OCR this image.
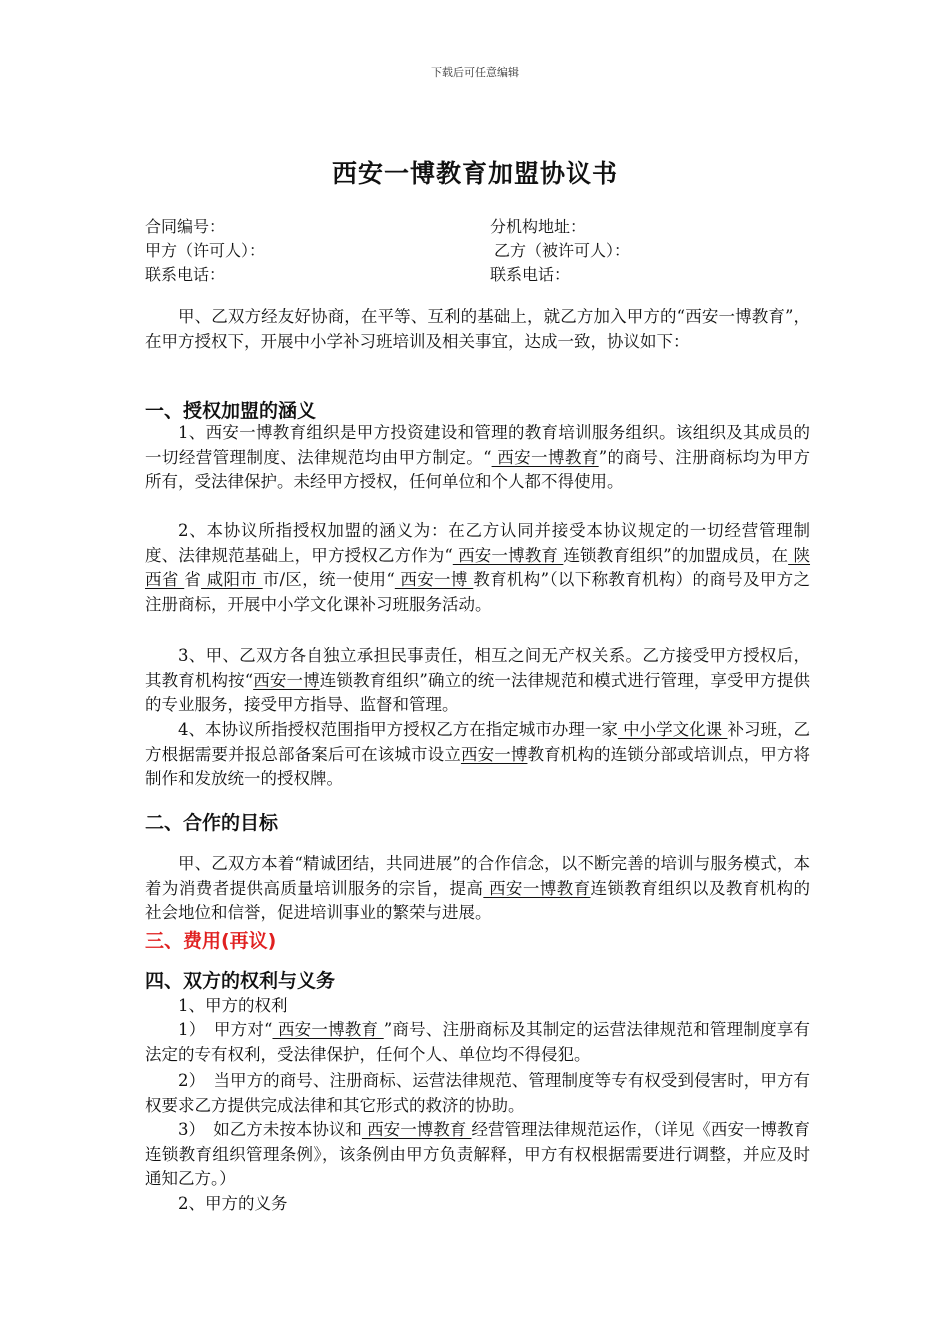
下载后可任意编辑
西安一博教育加盟协议书
合同编号：	分机构地址：
甲方（许可人）：	乙方（被许可人）：
联系电话：	联系电话：
甲、乙双方经友好协商，在平等、互利的基础上，就乙方加入甲方的“西安一博教育”，在甲方授权下，开展中小学补习班培训及相关事宜，达成一致，协议如下：
一、授权加盟的涵义
1、西安一博教育组织是甲方投资建设和管理的教育培训服务组织。该组织及其成员的一切经营管理制度、法律规范均由甲方制定。“ 西安一博教育”的商号、注册商标均为甲方所有，受法律保护。未经甲方授权，任何单位和个人都不得使用。
2、本协议所指授权加盟的涵义为：在乙方认同并接受本协议规定的一切经营管理制度、法律规范基础上，甲方授权乙方作为“ 西安一博教育 连锁教育组织”的加盟成员，在 陕西省 省 咸阳市 市/区，统一使用“ 西安一博 教育机构”（以下称教育机构）的商号及甲方之注册商标，开展中小学文化课补习班服务活动。
3、甲、乙双方各自独立承担民事责任，相互之间无产权关系。乙方接受甲方授权后，其教育机构按“西安一博连锁教育组织”确立的统一法律规范和模式进行管理，享受甲方提供的专业服务，接受甲方指导、监督和管理。
4、本协议所指授权范围指甲方授权乙方在指定城市办理一家 中小学文化课 补习班，乙方根据需要并报总部备案后可在该城市设立西安一博教育机构的连锁分部或培训点，甲方将制作和发放统一的授权牌。
二、合作的目标
甲、乙双方本着“精诚团结，共同进展”的合作信念，以不断完善的培训与服务模式，本着为消费者提供高质量培训服务的宗旨，提高 西安一博教育连锁教育组织以及教育机构的社会地位和信誉，促进培训事业的繁荣与进展。
三、费用(再议)
四、双方的权利与义务
1、甲方的权利
1）　甲方对“ 西安一博教育 ”商号、注册商标及其制定的运营法律规范和管理制度享有法定的专有权利，受法律保护，任何个人、单位均不得侵犯。
2）　当甲方的商号、注册商标、运营法律规范、管理制度等专有权受到侵害时，甲方有权要求乙方提供完成法律和其它形式的救济的协助。
3）　如乙方未按本协议和 西安一博教育 经营管理法律规范运作，（详见《西安一博教育连锁教育组织管理条例》，该条例由甲方负责解释，甲方有权根据需要进行调整，并应及时通知乙方。）
2、甲方的义务
